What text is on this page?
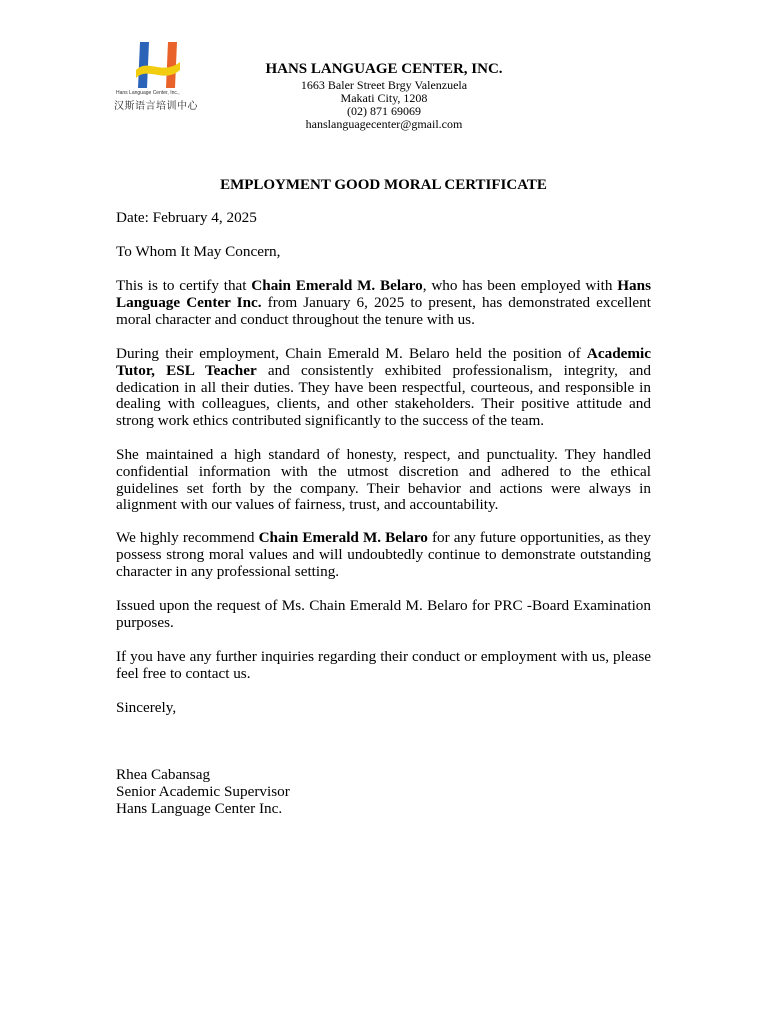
Hans Language Center, Inc.,
汉斯语言培训中心
HANS LANGUAGE CENTER, INC.
1663 Baler Street Brgy Valenzuela
Makati City, 1208
(02) 871 69069
hanslanguagecenter@gmail.com
EMPLOYMENT GOOD MORAL CERTIFICATE
Date: February 4, 2025
To Whom It May Concern,
This is to certify that Chain Emerald M. Belaro, who has been employed with Hans Language Center Inc. from January 6, 2025 to present, has demonstrated excellent moral character and conduct throughout the tenure with us.
During their employment, Chain Emerald M. Belaro held the position of Academic Tutor, ESL Teacher and consistently exhibited professionalism, integrity, and dedication in all their duties. They have been respectful, courteous, and responsible in dealing with colleagues, clients, and other stakeholders. Their positive attitude and strong work ethics contributed significantly to the success of the team.
She maintained a high standard of honesty, respect, and punctuality. They handled confidential information with the utmost discretion and adhered to the ethical guidelines set forth by the company. Their behavior and actions were always in alignment with our values of fairness, trust, and accountability.
We highly recommend Chain Emerald M. Belaro for any future opportunities, as they possess strong moral values and will undoubtedly continue to demonstrate outstanding character in any professional setting.
Issued upon the request of Ms. Chain Emerald M. Belaro for PRC -Board Examination purposes.
If you have any further inquiries regarding their conduct or employment with us, please feel free to contact us.
Sincerely,
Rhea Cabansag
Senior Academic Supervisor
Hans Language Center Inc.
